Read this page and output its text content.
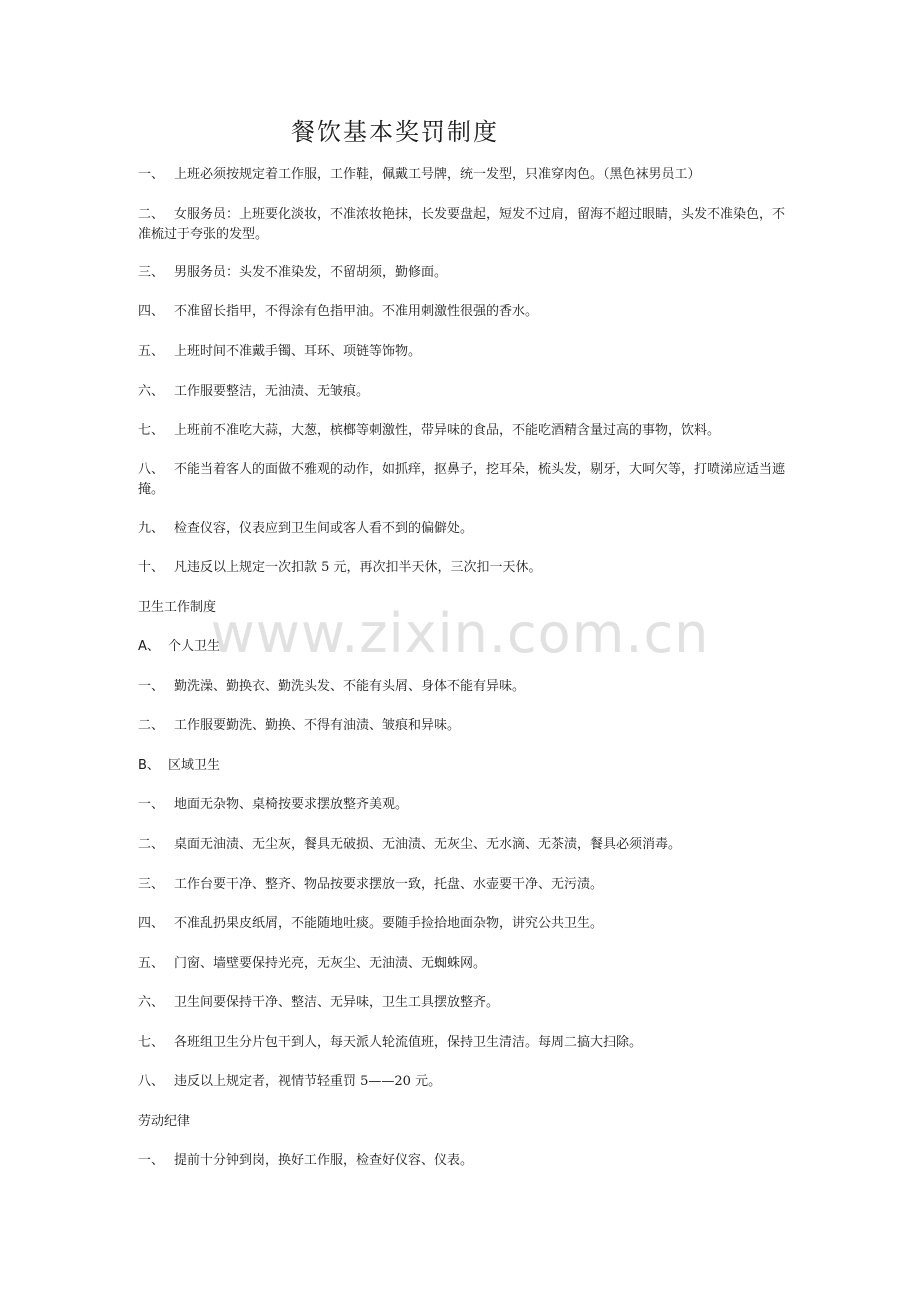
www.zixin.com.cn
餐饮基本奖罚制度
一、 上班必须按规定着工作服，工作鞋，佩戴工号牌，统一发型，只准穿肉色。（黑色袜男员工）
二、 女服务员：上班要化淡妆，不准浓妆艳抹，长发要盘起，短发不过肩，留海不超过眼睛，头发不准染色，不准梳过于夸张的发型。
三、 男服务员：头发不准染发，不留胡须，勤修面。
四、 不准留长指甲，不得涂有色指甲油。不准用刺激性很强的香水。
五、 上班时间不准戴手镯、耳环、项链等饰物。
六、 工作服要整洁，无油渍、无皱痕。
七、 上班前不准吃大蒜，大葱，槟榔等刺激性，带异味的食品，不能吃酒精含量过高的事物，饮料。
八、 不能当着客人的面做不雅观的动作，如抓痒，抠鼻子，挖耳朵，梳头发，剔牙，大呵欠等，打喷涕应适当遮掩。
九、 检查仪容，仪表应到卫生间或客人看不到的偏僻处。
十、 凡违反以上规定一次扣款 5 元，再次扣半天休，三次扣一天休。
卫生工作制度
A、 个人卫生
一、 勤洗澡、勤换衣、勤洗头发、不能有头屑、身体不能有异味。
二、 工作服要勤洗、勤换、不得有油渍、皱痕和异味。
B、 区域卫生
一、 地面无杂物、桌椅按要求摆放整齐美观。
二、 桌面无油渍、无尘灰，餐具无破损、无油渍、无灰尘、无水滴、无茶渍，餐具必须消毒。
三、 工作台要干净、整齐、物品按要求摆放一致，托盘、水壶要干净、无污渍。
四、 不准乱扔果皮纸屑，不能随地吐痰。要随手捡拾地面杂物，讲究公共卫生。
五、 门窗、墙壁要保持光亮，无灰尘、无油渍、无蜘蛛网。
六、 卫生间要保持干净、整洁、无异味，卫生工具摆放整齐。
七、 各班组卫生分片包干到人，每天派人轮流值班，保持卫生清洁。每周二搞大扫除。
八、 违反以上规定者，视情节轻重罚 5——20 元。
劳动纪律
一、 提前十分钟到岗，换好工作服，检查好仪容、仪表。
